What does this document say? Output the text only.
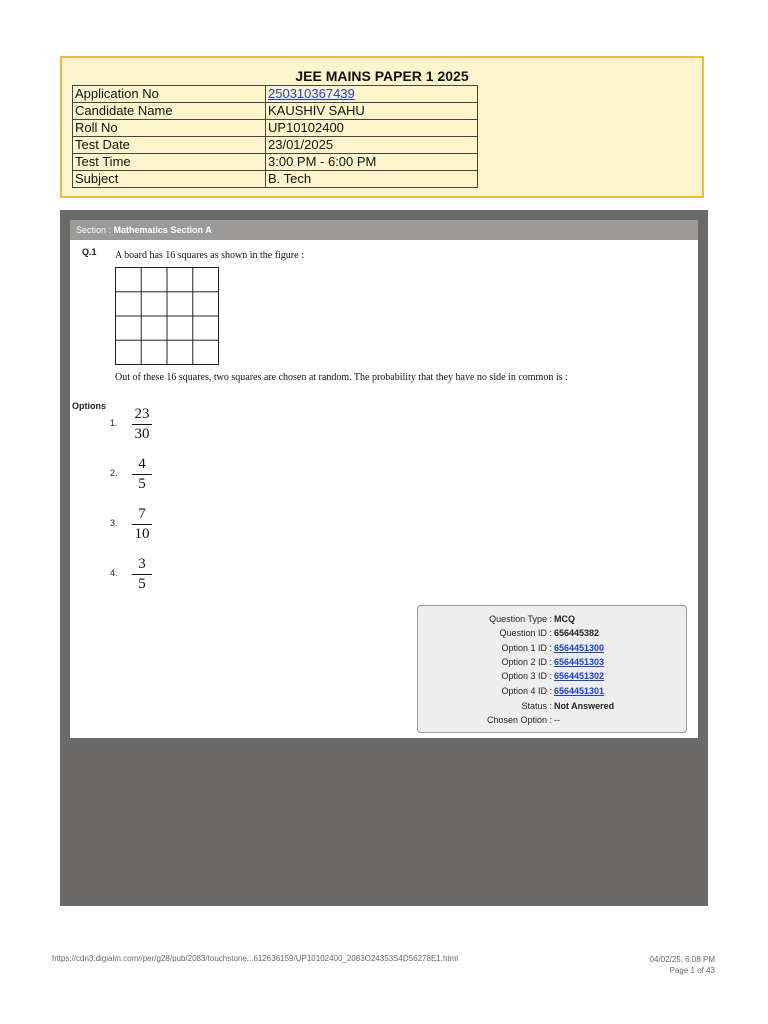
JEE MAINS PAPER 1 2025
Application No	250310367439
Candidate Name	KAUSHIV SAHU
Roll No	UP10102400
Test Date	23/01/2025
Test Time	3:00 PM - 6:00 PM
Subject	B. Tech
Section : Mathematics Section A
Q.1 A board has 16 squares as shown in the figure :
Out of these 16 squares, two squares are chosen at random. The probability that they have no side in common is :
Options
1.
23
30
2.
4
5
3.
7
10
4.
3
5
Question Type : MCQ
Question ID : 656445382
Option 1 ID : 6564451300
Option 2 ID : 6564451303
Option 3 ID : 6564451302
Option 4 ID : 6564451301
Status : Not Answered
Chosen Option : --
https://cdn3.digialm.com//per/g28/pub/2083/touchstone...612636159/UP10102400_2083O24353S4D56278E1.html	04/02/25, 6:08 PM
Page 1 of 43
